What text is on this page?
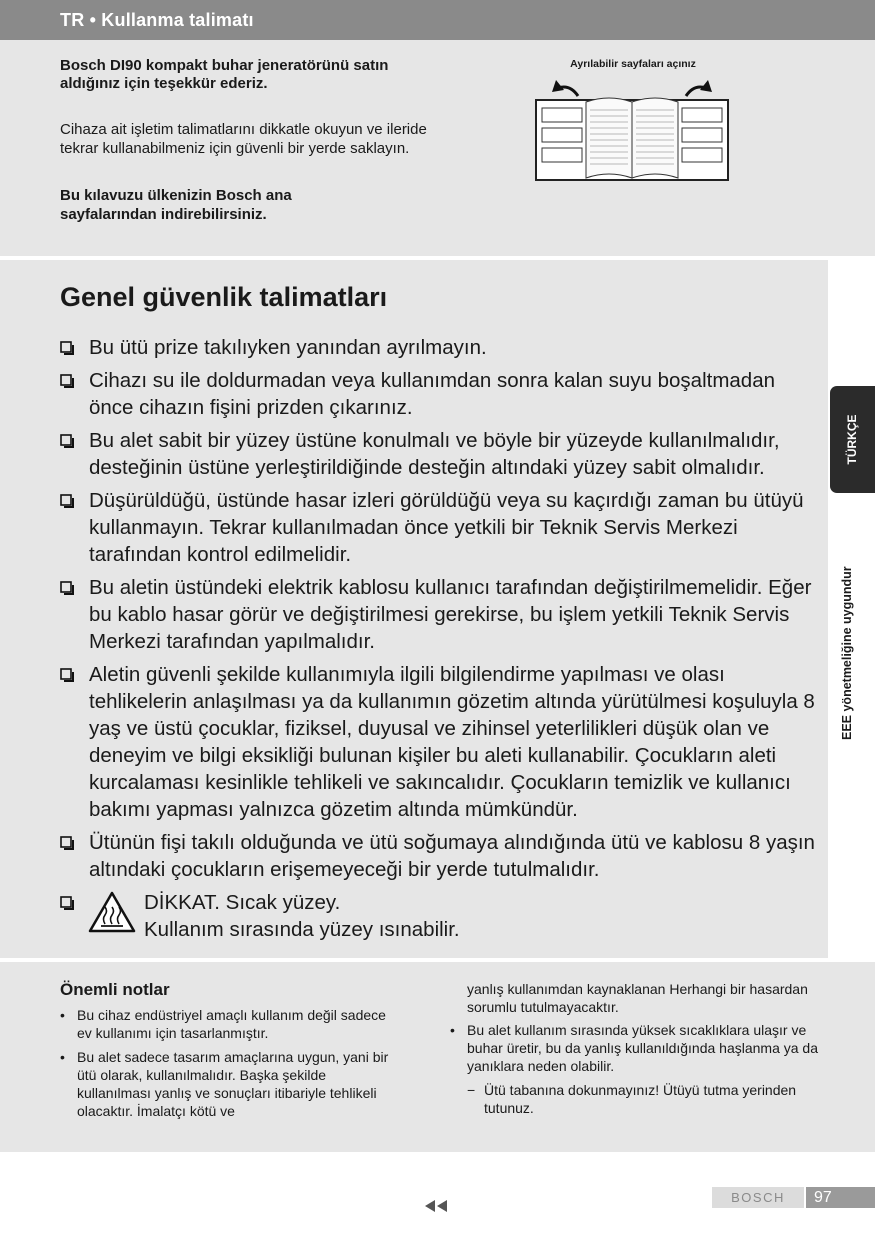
TR • Kullanma talimatı
Bosch DI90 kompakt buhar jeneratörünü satın aldığınız için teşekkür ederiz.
Cihaza ait işletim talimatlarını dikkatle okuyun ve ileride tekrar kullanabilmeniz için güvenli bir yerde saklayın.
Bu kılavuzu ülkenizin Bosch ana sayfalarından indirebilirsiniz.
Ayrılabilir sayfaları açınız
Genel güvenlik talimatları
Bu ütü prize takılıyken yanından ayrılmayın.
Cihazı su ile doldurmadan veya kullanımdan sonra kalan suyu boşaltmadan önce cihazın fişini prizden çıkarınız.
Bu alet sabit bir yüzey üstüne konulmalı ve böyle bir yüzeyde kullanılmalıdır, desteğinin üstüne yerleştirildiğinde desteğin altındaki yüzey sabit olmalıdır.
Düşürüldüğü, üstünde hasar izleri görüldüğü veya su kaçırdığı zaman bu ütüyü kullanmayın. Tekrar kullanılmadan önce yetkili bir Teknik Servis Merkezi tarafından kontrol edilmelidir.
Bu aletin üstündeki elektrik kablosu kullanıcı tarafından değiştirilmemelidir. Eğer bu kablo hasar görür ve değiştirilmesi gerekirse, bu işlem yetkili Teknik Servis Merkezi tarafından yapılmalıdır.
Aletin güvenli şekilde kullanımıyla ilgili bilgilendirme yapılması ve olası tehlikelerin anlaşılması ya da kullanımın gözetim altında yürütülmesi koşuluyla 8 yaş ve üstü çocuklar, fiziksel, duyusal ve zihinsel yeterlilikleri düşük olan ve deneyim ve bilgi eksikliği bulunan kişiler bu aleti kullanabilir. Çocukların aleti kurcalaması kesinlikle tehlikeli ve sakıncalıdır. Çocukların temizlik ve kullanıcı bakımı yapması yalnızca gözetim altında mümkündür.
Ütünün fişi takılı olduğunda ve ütü soğumaya alındığında ütü ve kablosu 8 yaşın altındaki çocukların erişemeyeceği bir yerde tutulmalıdır.
DİKKAT. Sıcak yüzey.
Kullanım sırasında yüzey ısınabilir.
TÜRKÇE
EEE yönetmeliğine uygundur
Önemli notlar
• Bu cihaz endüstriyel amaçlı kullanım değil sadece ev kullanımı için tasarlanmıştır.
• Bu alet sadece tasarım amaçlarına uygun, yani bir ütü olarak, kullanılmalıdır. Başka şekilde kullanılması yanlış ve sonuçları itibariyle tehlikeli olacaktır. İmalatçı kötü ve

yanlış kullanımdan kaynaklanan Herhangi bir hasardan sorumlu tutulmayacaktır.

• Bu alet kullanım sırasında yüksek sıcaklıklara ulaşır ve buhar üretir, bu da yanlış kullanıldığında haşlanma ya da yanıklara neden olabilir.
− Ütü tabanına dokunmayınız! Ütüyü tutma yerinden tutunuz.
BOSCH	97
